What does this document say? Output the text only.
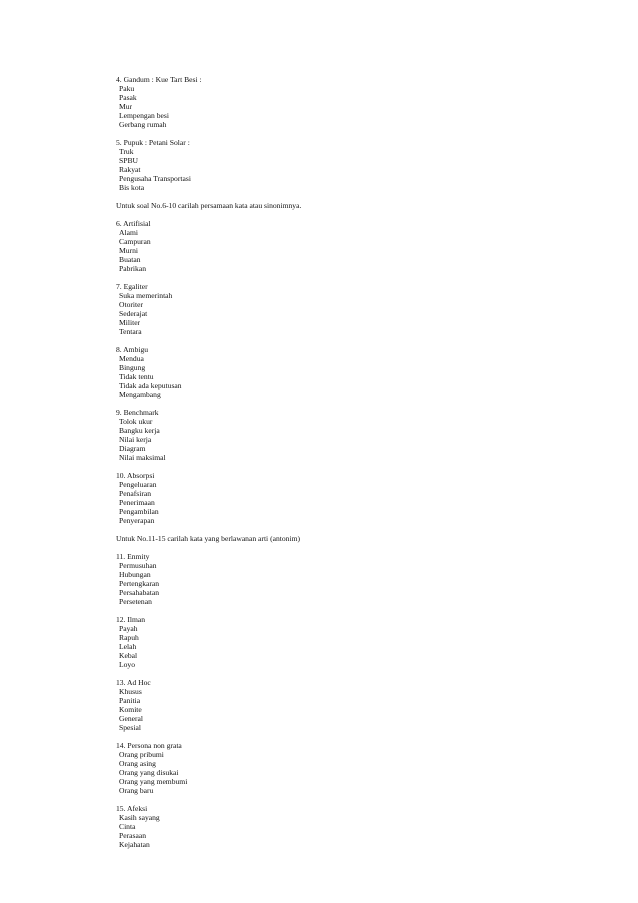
4. Gandum : Kue Tart Besi :
Paku
Pasak
Mur
Lempengan besi
Gerbang rumah
5. Pupuk : Petani Solar :
Truk
SPBU
Rakyat
Pengusaha Transportasi
Bis kota
Untuk soal No.6-10 carilah persamaan kata atau sinonimnya.
6. Artifisial
Alami
Campuran
Murni
Buatan
Pabrikan
7. Egaliter
Suka memerintah
Otoriter
Sederajat
Militer
Tentara
8. Ambigu
Mendua
Bingung
Tidak tentu
Tidak ada keputusan
Mengambang
9. Benchmark
Tolok ukur
Bangku kerja
Nilai kerja
Diagram
Nilai maksimal
10. Absorpsi
Pengeluaran
Penafsiran
Penerimaan
Pengambilan
Penyerapan
Untuk No.11-15 carilah kata yang berlawanan arti (antonim)
11. Enmity
Permusuhan
Hubungan
Pertengkaran
Persahabatan
Persetenan
12. Ilman
Payah
Rapuh
Lelah
Kebal
Loyo
13. Ad Hoc
Khusus
Panitia
Komite
General
Spesial
14. Persona non grata
Orang pribumi
Orang asing
Orang yang disukai
Orang yang membumi
Orang baru
15. Afeksi
Kasih sayang
Cinta
Perasaan
Kejahatan
